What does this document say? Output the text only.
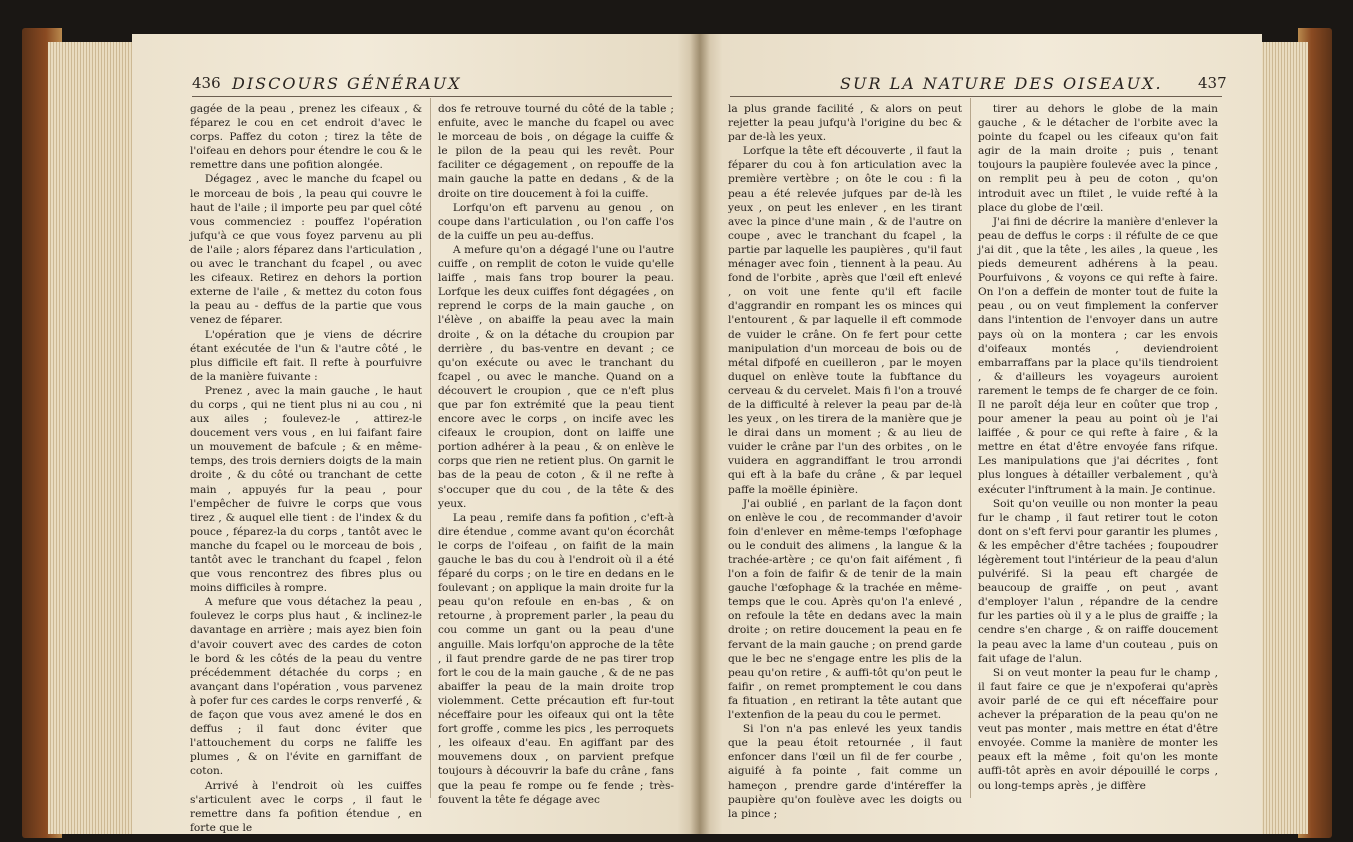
436 DISCOURS GÉNÉRAUX

gagée de la peau , prenez les cifeaux , & féparez le cou en cet endroit d'avec le corps. Paffez du coton ; tirez la tête de l'oifeau en dehors pour étendre le cou & le remettre dans une pofition alongée.

Dégagez , avec le manche du fcapel ou le morceau de bois , la peau qui couvre le haut de l'aile ; il importe peu par quel côté vous commenciez : pouffez l'opération jufqu'à ce que vous foyez parvenu au pli de l'aile ; alors féparez dans l'articulation , ou avec le tranchant du fcapel , ou avec les cifeaux. Retirez en dehors la portion externe de l'aile , & mettez du coton fous la peau au - deffus de la partie que vous venez de féparer.

L'opération que je viens de décrire étant exécutée de l'un & l'autre côté , le plus difficile eft fait. Il refte à pourfuivre de la manière fuivante :

Prenez , avec la main gauche , le haut du corps , qui ne tient plus ni au cou , ni aux ailes ; foulevez-le , attirez-le doucement vers vous , en lui faifant faire un mouvement de bafcule ; & en même-temps, des trois derniers doigts de la main droite , & du côté ou tranchant de cette main , appuyés fur la peau , pour l'empêcher de fuivre le corps que vous tirez , & auquel elle tient : de l'index & du pouce , féparez-la du corps , tantôt avec le manche du fcapel ou le morceau de bois , tantôt avec le tranchant du fcapel , felon que vous rencontrez des fibres plus ou moins difficiles à rompre.

A mefure que vous détachez la peau , foulevez le corps plus haut , & inclinez-le davantage en arrière ; mais ayez bien foin d'avoir couvert avec des cardes de coton le bord & les côtés de la peau du ventre précédemment détachée du corps ; en avançant dans l'opération , vous parvenez à pofer fur ces cardes le corps renverfé , & de façon que vous avez amené le dos en deffus ; il faut donc éviter que l'attouchement du corps ne faliffe les plumes , & on l'évite en garniffant de coton.

Arrivé à l'endroit où les cuiffes s'articulent avec le corps , il faut le remettre dans fa pofition étendue , en forte que le

dos fe retrouve tourné du côté de la table ; enfuite, avec le manche du fcapel ou avec le morceau de bois , on dégage la cuiffe & le pilon de la peau qui les revêt. Pour faciliter ce dégagement , on repouffe de la main gauche la patte en dedans , & de la droite on tire doucement à foi la cuiffe.

Lorfqu'on eft parvenu au genou , on coupe dans l'articulation , ou l'on caffe l'os de la cuiffe un peu au-deffus.

A mefure qu'on a dégagé l'une ou l'autre cuiffe , on remplit de coton le vuide qu'elle laiffe , mais fans trop bourer la peau. Lorfque les deux cuiffes font dégagées , on reprend le corps de la main gauche , on l'élève , on abaiffe la peau avec la main droite , & on la détache du croupion par derrière , du bas-ventre en devant ; ce qu'on exécute ou avec le tranchant du fcapel , ou avec le manche. Quand on a découvert le croupion , que ce n'eft plus que par fon extrémité que la peau tient encore avec le corps , on incife avec les cifeaux le croupion, dont on laiffe une portion adhérer à la peau , & on enlève le corps que rien ne retient plus. On garnit le bas de la peau de coton , & il ne refte à s'occuper que du cou , de la tête & des yeux.

La peau , remife dans fa pofition , c'eft-à dire étendue , comme avant qu'on écorchât le corps de l'oifeau , on faifit de la main gauche le bas du cou à l'endroit où il a été féparé du corps ; on le tire en dedans en le foulevant ; on applique la main droite fur la peau qu'on refoule en en-bas , & on retourne , à proprement parler , la peau du cou comme un gant ou la peau d'une anguille. Mais lorfqu'on approche de la tête , il faut prendre garde de ne pas tirer trop fort le cou de la main gauche , & de ne pas abaiffer la peau de la main droite trop violemment. Cette précaution eft fur-tout néceffaire pour les oifeaux qui ont la tête fort groffe , comme les pics , les perroquets , les oifeaux d'eau. En agiffant par des mouvemens doux , on parvient prefque toujours à découvrir la bafe du crâne , fans que la peau fe rompe ou fe fende ; très-fouvent la tête fe dégage avec

SUR LA NATURE DES OISEAUX. 437

la plus grande facilité , & alors on peut rejetter la peau jufqu'à l'origine du bec & par de-là les yeux.

Lorfque la tête eft découverte , il faut la féparer du cou à fon articulation avec la première vertèbre ; on ôte le cou : fi la peau a été relevée jufques par de-là les yeux , on peut les enlever , en les tirant avec la pince d'une main , & de l'autre on coupe , avec le tranchant du fcapel , la partie par laquelle les paupières , qu'il faut ménager avec foin , tiennent à la peau. Au fond de l'orbite , après que l'œil eft enlevé , on voit une fente qu'il eft facile d'aggrandir en rompant les os minces qui l'entourent , & par laquelle il eft commode de vuider le crâne. On fe fert pour cette manipulation d'un morceau de bois ou de métal difpofé en cueilleron , par le moyen duquel on enlève toute la fubftance du cerveau & du cervelet. Mais fi l'on a trouvé de la difficulté à relever la peau par de-là les yeux , on les tirera de la manière que je le dirai dans un moment ; & au lieu de vuider le crâne par l'un des orbites , on le vuidera en aggrandiffant le trou arrondi qui eft à la bafe du crâne , & par lequel paffe la moëlle épinière.

J'ai oublié , en parlant de la façon dont on enlève le cou , de recommander d'avoir foin d'enlever en même-temps l'œfophage ou le conduit des alimens , la langue & la trachée-artère ; ce qu'on fait aifément , fi l'on a foin de faifir & de tenir de la main gauche l'œfophage & la trachée en même-temps que le cou. Après qu'on l'a enlevé , on refoule la tête en dedans avec la main droite ; on retire doucement la peau en fe fervant de la main gauche ; on prend garde que le bec ne s'engage entre les plis de la peau qu'on retire , & auffi-tôt qu'on peut le faifir , on remet promptement le cou dans fa fituation , en retirant la tête autant que l'extenfion de la peau du cou le permet.

Si l'on n'a pas enlevé les yeux tandis que la peau étoit retournée , il faut enfoncer dans l'œil un fil de fer courbe , aiguifé à fa pointe , fait comme un hameçon , prendre garde d'intéreffer la paupière qu'on foulève avec les doigts ou la pince ;

tirer au dehors le globe de la main gauche , & le détacher de l'orbite avec la pointe du fcapel ou les cifeaux qu'on fait agir de la main droite ; puis , tenant toujours la paupière foulevée avec la pince , on remplit peu à peu de coton , qu'on introduit avec un ftilet , le vuide refté à la place du globe de l'œil.

J'ai fini de décrire la manière d'enlever la peau de deffus le corps : il réfulte de ce que j'ai dit , que la tête , les ailes , la queue , les pieds demeurent adhérens à la peau. Pourfuivons , & voyons ce qui refte à faire. On l'on a deffein de monter tout de fuite la peau , ou on veut fimplement la conferver dans l'intention de l'envoyer dans un autre pays où on la montera ; car les envois d'oifeaux montés , deviendroient embarraffans par la place qu'ils tiendroient , & d'ailleurs les voyageurs auroient rarement le temps de fe charger de ce foin. Il ne paroît déja leur en coûter que trop , pour amener la peau au point où je l'ai laiffée , & pour ce qui refte à faire , & la mettre en état d'être envoyée fans rifque. Les manipulations que j'ai décrites , font plus longues à détailler verbalement , qu'à exécuter l'inftrument à la main. Je continue.

Soit qu'on veuille ou non monter la peau fur le champ , il faut retirer tout le coton dont on s'eft fervi pour garantir les plumes , & les empêcher d'être tachées ; foupoudrer légèrement tout l'intérieur de la peau d'alun pulvérifé. Si la peau eft chargée de beaucoup de graiffe , on peut , avant d'employer l'alun , répandre de la cendre fur les parties où il y a le plus de graiffe ; la cendre s'en charge , & on raiffe doucement la peau avec la lame d'un couteau , puis on fait ufage de l'alun.

Si on veut monter la peau fur le champ , il faut faire ce que je n'expoferai qu'après avoir parlé de ce qui eft néceffaire pour achever la préparation de la peau qu'on ne veut pas monter , mais mettre en état d'être envoyée. Comme la manière de monter les peaux eft la même , foit qu'on les monte auffi-tôt après en avoir dépouillé le corps , ou long-temps après , je diffère
